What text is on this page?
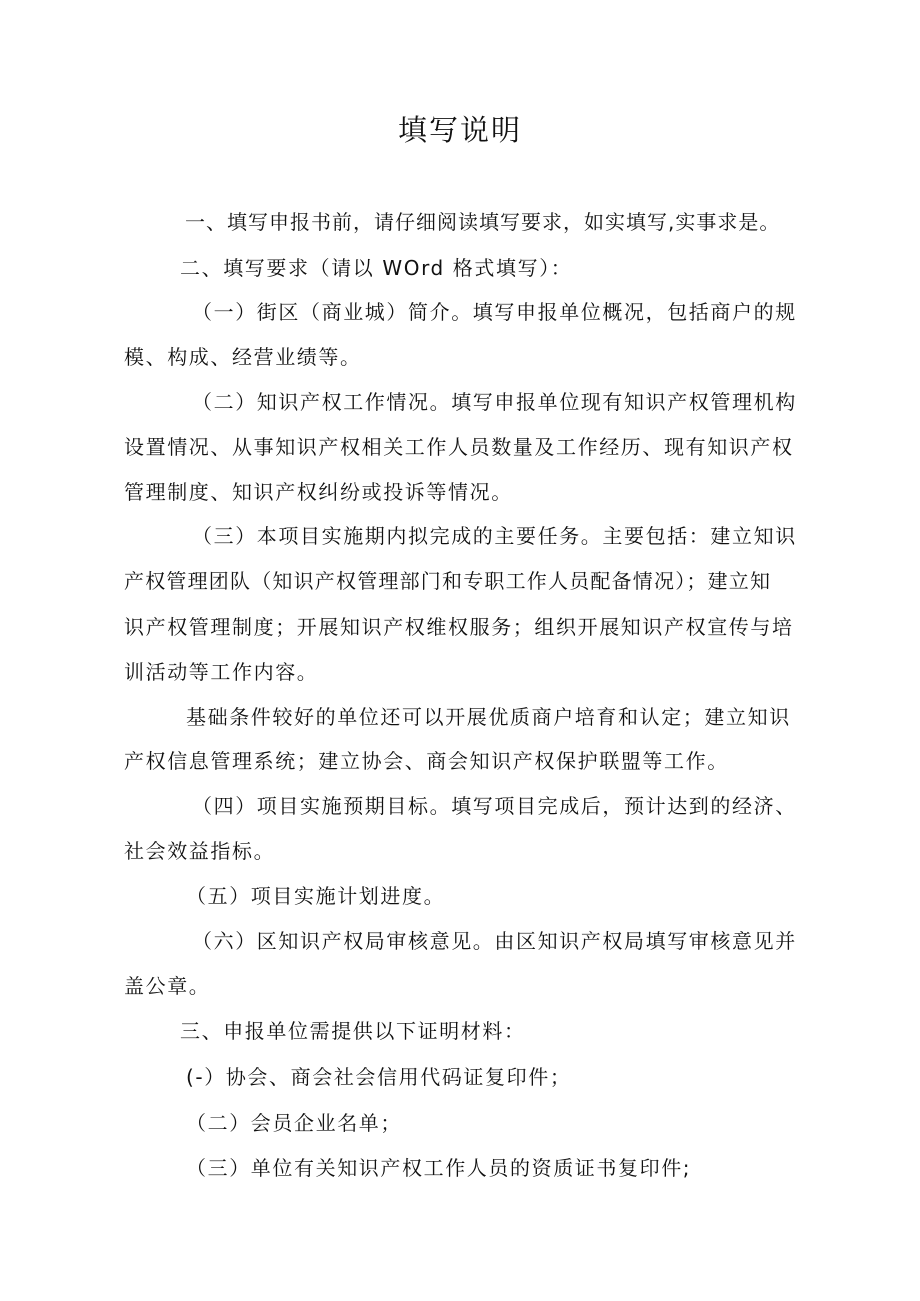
填写说明
一、填写申报书前，请仔细阅读填写要求，如实填写,实事求是。
二、填写要求（请以 WOrd 格式填写）：
（一）街区（商业城）简介。填写申报单位概况，包括商户的规
模、构成、经营业绩等。
（二）知识产权工作情况。填写申报单位现有知识产权管理机构
设置情况、从事知识产权相关工作人员数量及工作经历、现有知识产权
管理制度、知识产权纠纷或投诉等情况。
（三）本项目实施期内拟完成的主要任务。主要包括：建立知识
产权管理团队（知识产权管理部门和专职工作人员配备情况）；建立知
识产权管理制度；开展知识产权维权服务；组织开展知识产权宣传与培
训活动等工作内容。
基础条件较好的单位还可以开展优质商户培育和认定；建立知识
产权信息管理系统；建立协会、商会知识产权保护联盟等工作。
（四）项目实施预期目标。填写项目完成后，预计达到的经济、
社会效益指标。
（五）项目实施计划进度。
（六）区知识产权局审核意见。由区知识产权局填写审核意见并
盖公章。
三、申报单位需提供以下证明材料：
(-）协会、商会社会信用代码证复印件；
（二）会员企业名单；
（三）单位有关知识产权工作人员的资质证书复印件;
